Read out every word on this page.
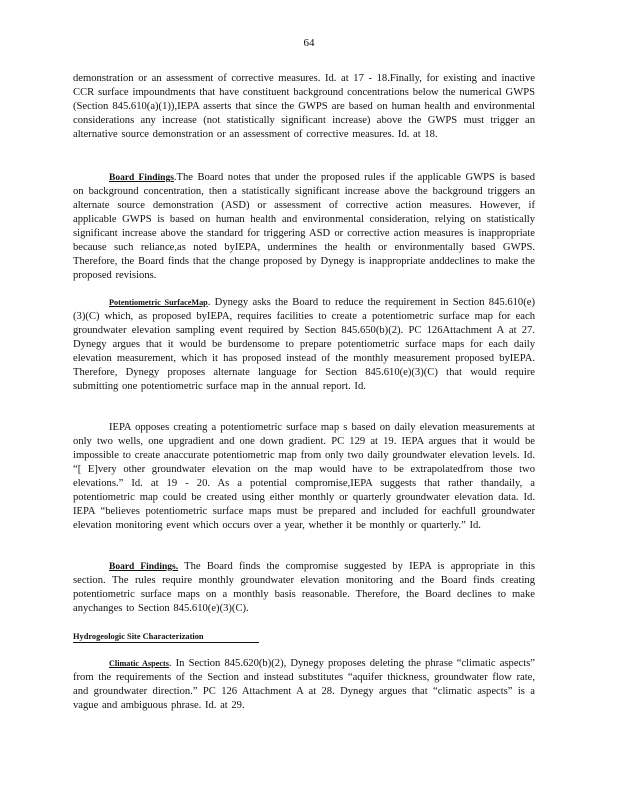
64

demonstration or an assessment of corrective measures. Id. at 17 - 18.Finally, for existing and inactive CCR surface impoundments that have constituent background concentrations below the numerical GWPS (Section 845.610(a)(1)),IEPA asserts that since the GWPS are based on human health and environmental considerations any increase (not statistically significant increase) above the GWPS must trigger an alternative source demonstration or an assessment of corrective measures. Id. at 18.

Board Findings.The Board notes that under the proposed rules if the applicable GWPS is based on background concentration, then a statistically significant increase above the background triggers an alternate source demonstration (ASD) or assessment of corrective action measures. However, if applicable GWPS is based on human health and environmental consideration, relying on statistically significant increase above the standard for triggering ASD or corrective action measures is inappropriate because such reliance,as noted byIEPA, undermines the health or environmentally based GWPS. Therefore, the Board finds that the change proposed by Dynegy is inappropriate anddeclines to make the proposed revisions.

Potentiometric SurfaceMap. Dynegy asks the Board to reduce the requirement in Section 845.610(e)(3)(C) which, as proposed byIEPA, requires facilities to create a potentiometric surface map for each groundwater elevation sampling event required by Section 845.650(b)(2). PC 126Attachment A at 27. Dynegy argues that it would be burdensome to prepare potentiometric surface maps for each daily elevation measurement, which it has proposed instead of the monthly measurement proposed byIEPA. Therefore, Dynegy proposes alternate language for Section 845.610(e)(3)(C) that would require submitting one potentiometric surface map in the annual report. Id.

IEPA opposes creating a potentiometric surface map s based on daily elevation measurements at only two wells, one upgradient and one down gradient. PC 129 at 19. IEPA argues that it would be impossible to create anaccurate potentiometric map from only two daily groundwater elevation levels. Id. “[ E]very other groundwater elevation on the map would have to be extrapolatedfrom those two elevations.” Id. at 19 - 20. As a potential compromise,IEPA suggests that rather thandaily, a potentiometric map could be created using either monthly or quarterly groundwater elevation data. Id. IEPA “believes potentiometric surface maps must be prepared and included for eachfull groundwater elevation monitoring event which occurs over a year, whether it be monthly or quarterly.” Id.

Board Findings. The Board finds the compromise suggested by IEPA is appropriate in this section. The rules require monthly groundwater elevation monitoring and the Board finds creating potentiometric surface maps on a monthly basis reasonable. Therefore, the Board declines to make anychanges to Section 845.610(e)(3)(C).

Hydrogeologic Site Characterization

Climatic Aspects. In Section 845.620(b)(2), Dynegy proposes deleting the phrase “climatic aspects” from the requirements of the Section and instead substitutes “aquifer thickness, groundwater flow rate, and groundwater direction.” PC 126 Attachment A at 28. Dynegy argues that “climatic aspects” is a vague and ambiguous phrase. Id. at 29.
